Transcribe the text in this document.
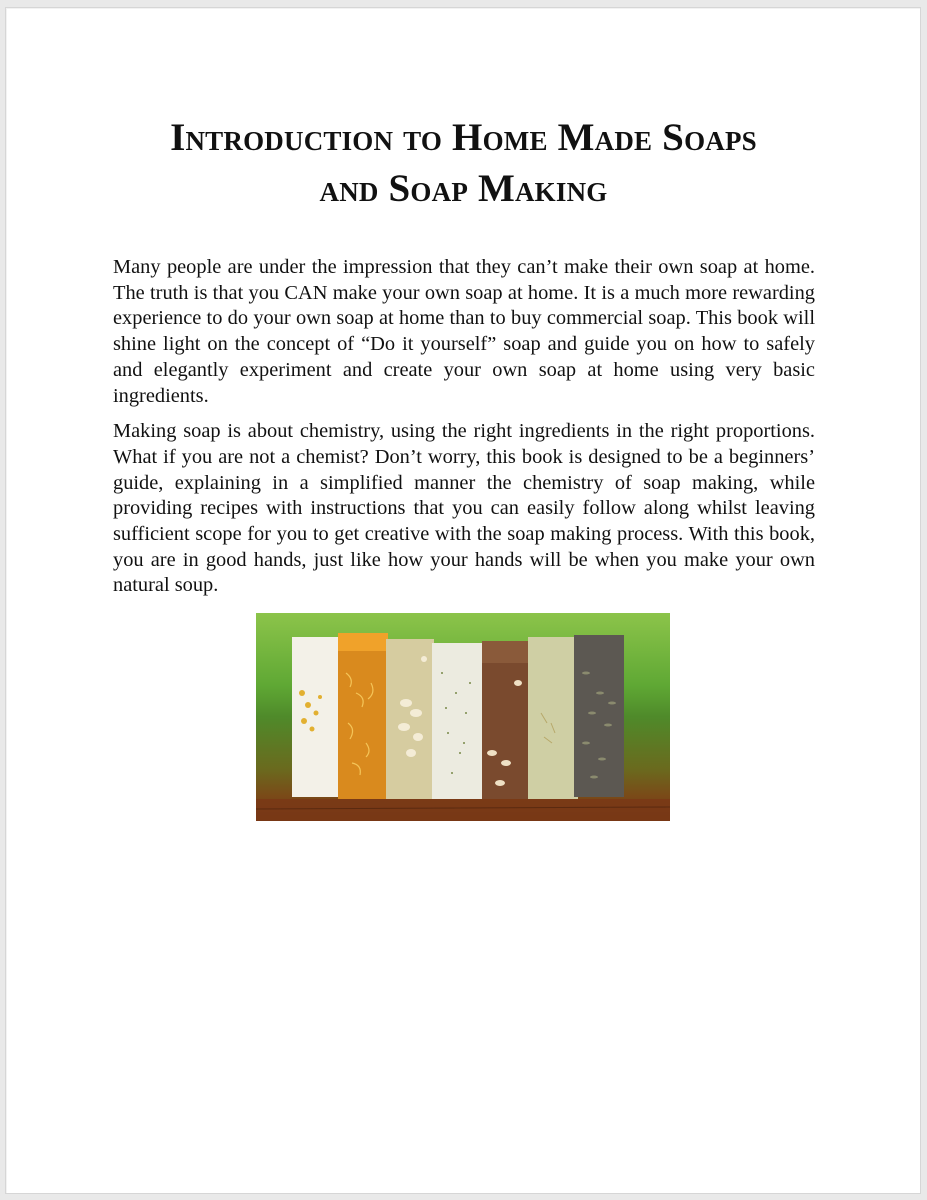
Introduction to Home Made Soaps
and Soap Making

Many people are under the impression that they can’t make their own soap at home. The truth is that you CAN make your own soap at home. It is a much more rewarding experience to do your own soap at home than to buy commercial soap. This book will shine light on the concept of “Do it yourself” soap and guide you on how to safely and elegantly experiment and create your own soap at home using very basic ingredients.

Making soap is about chemistry, using the right ingredients in the right proportions. What if you are not a chemist? Don’t worry, this book is designed to be a beginners’ guide, explaining in a simplified manner the chemistry of soap making, while providing recipes with instructions that you can easily follow along whilst leaving sufficient scope for you to get creative with the soap making process. With this book, you are in good hands, just like how your hands will be when you make your own natural soup.
